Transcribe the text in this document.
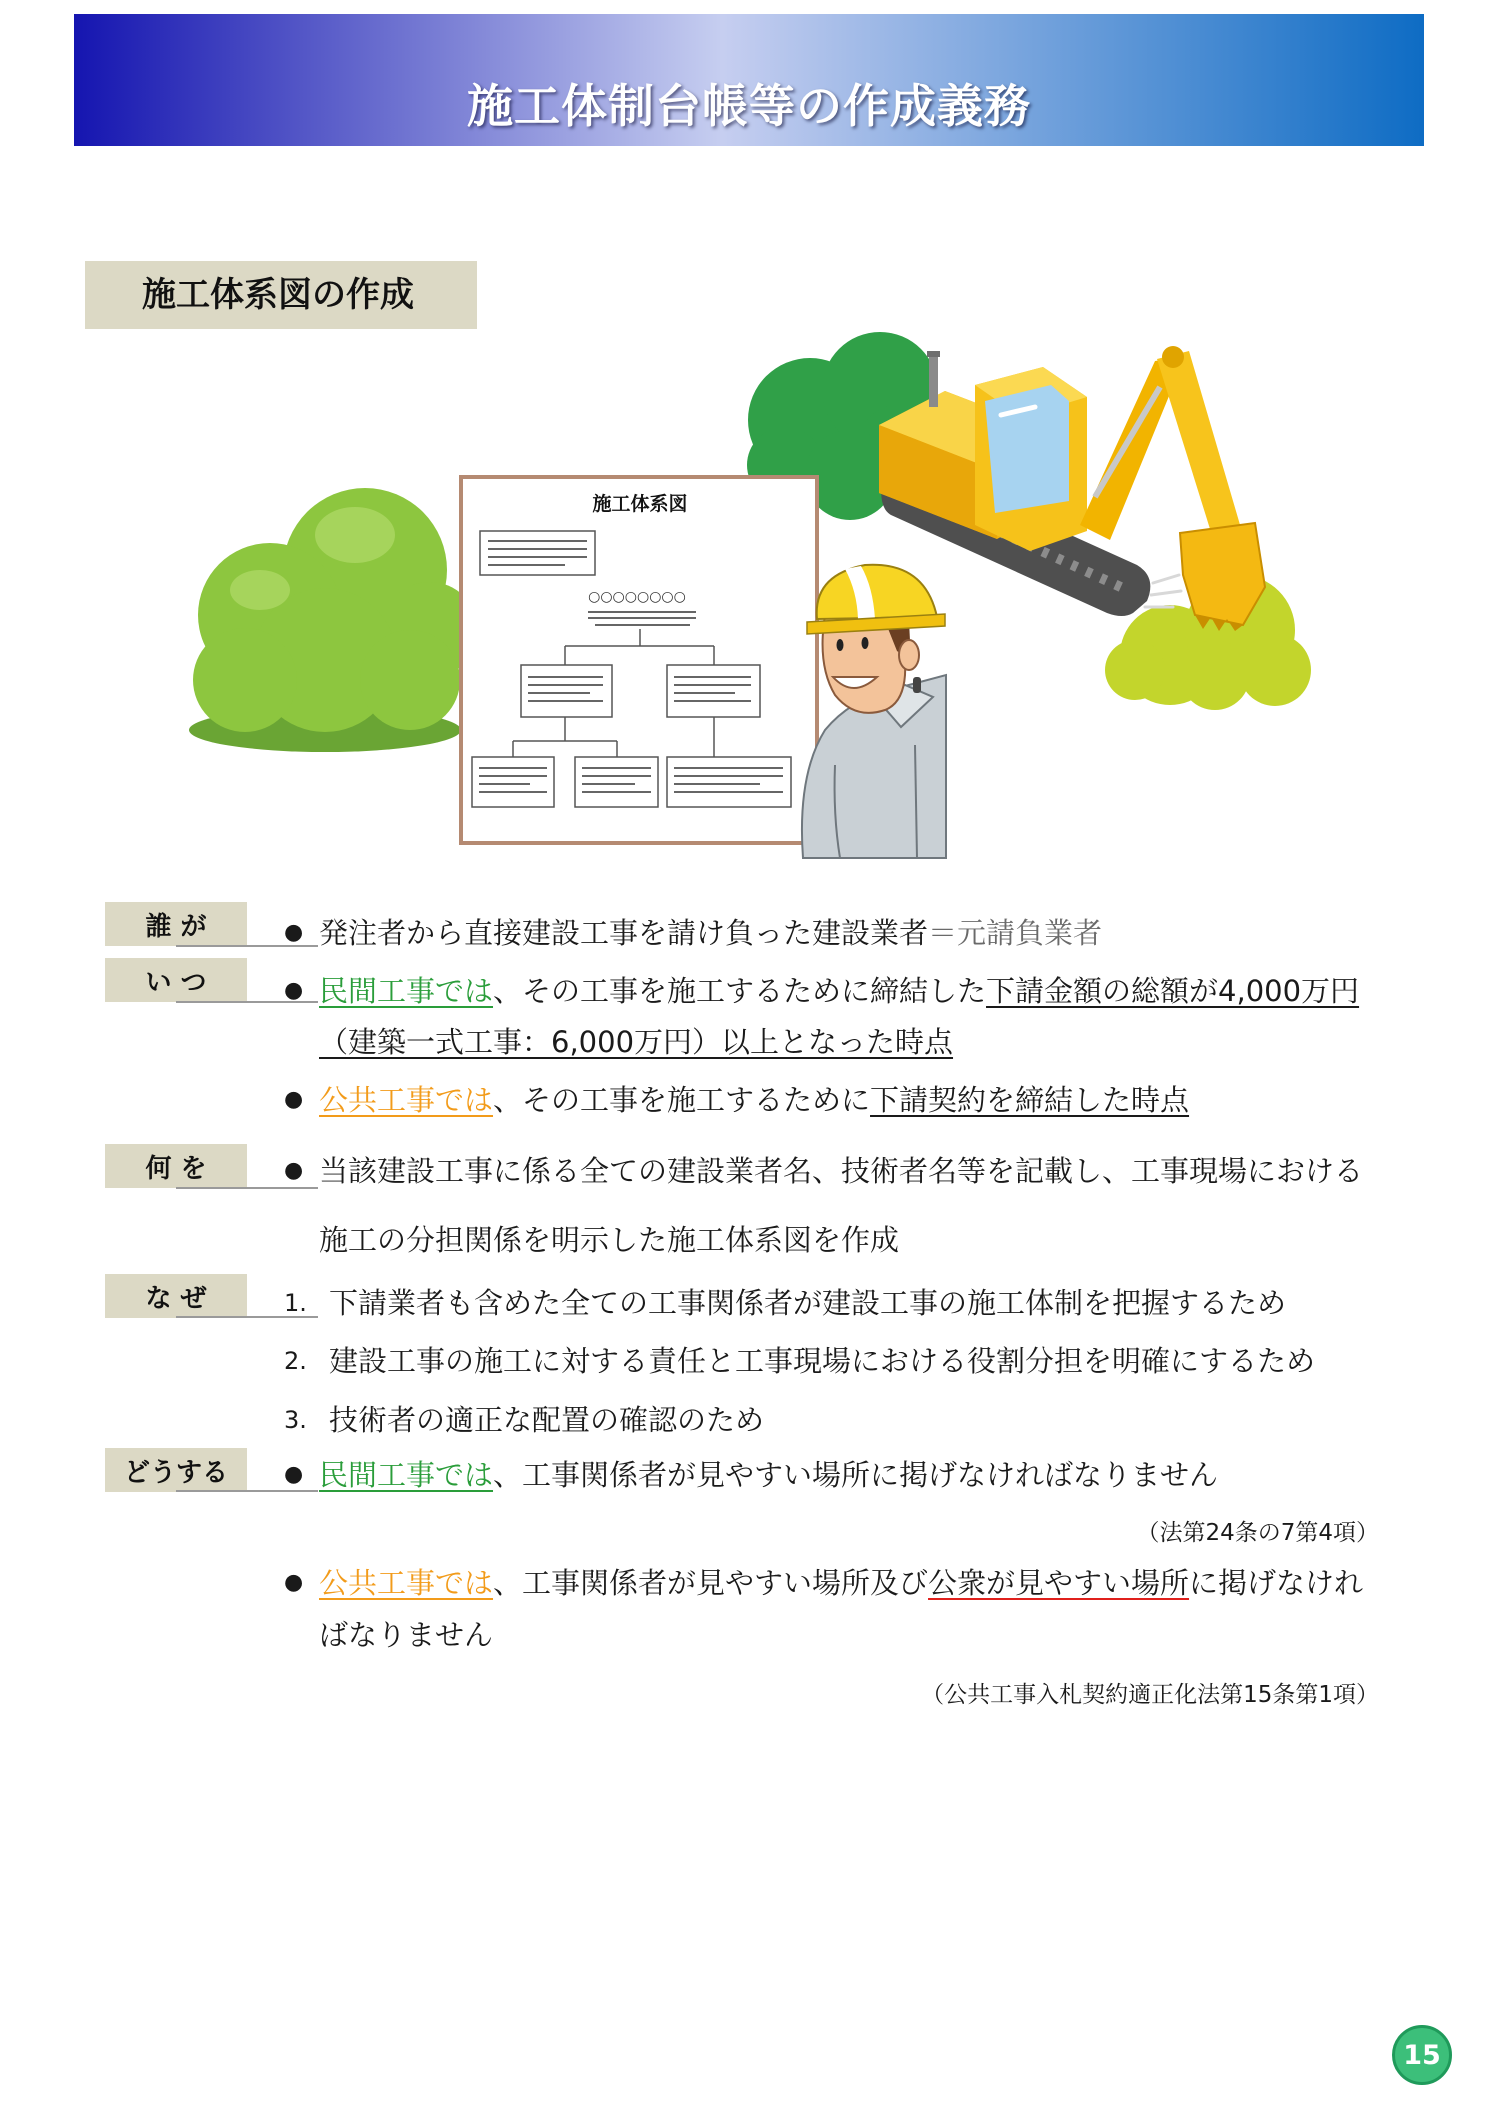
施工体制台帳等の作成義務
施工体系図の作成
施工体系図
○○○○○○○○
誰 が	● 発注者から直接建設工事を請け負った建設業者 ＝元請負業者
い つ	● 民間工事では 、その工事を施工するために締結した 下請金額の総額が4,000万円
（建築一式工事：6,000万円）以上となった時点
● 公共工事では 、その工事を施工するために 下請契約を締結した時点
何 を	● 当該建設工事に係る全ての建設業者名、技術者名等を記載し、工事現場における
施工の分担関係を明示した施工体系図を作成
な ぜ	1. 下請業者も含めた全ての工事関係者が建設工事の施工体制を把握するため
2. 建設工事の施工に対する責任と工事現場における役割分担を明確にするため
3. 技術者の適正な配置の確認のため
どうする	● 民間工事では 、工事関係者が見やすい場所に掲げなければなりません
（法第24条の7第4項）
● 公共工事では 、工事関係者が見やすい場所及び 公衆が見やすい場所 に掲げなけれ
ばなりません
（公共工事入札契約適正化法第15条第1項）
15
